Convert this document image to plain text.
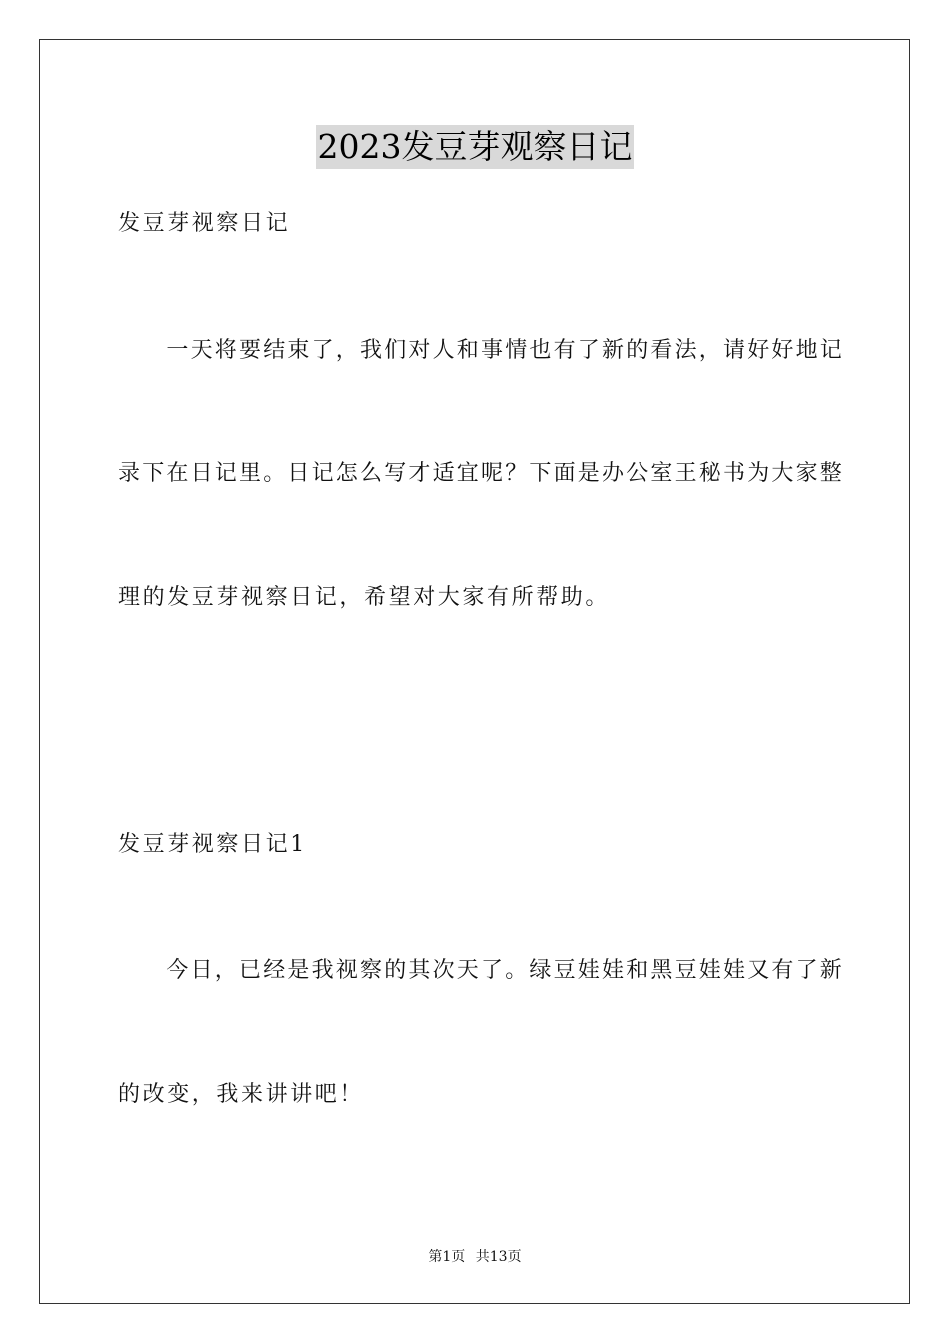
2023发豆芽观察日记
发豆芽视察日记
　　一天将要结束了，我们对人和事情也有了新的看法，请好好地记
录下在日记里。日记怎么写才适宜呢？下面是办公室王秘书为大家整
理的发豆芽视察日记，希望对大家有所帮助。
发豆芽视察日记1
　　今日，已经是我视察的其次天了。绿豆娃娃和黑豆娃娃又有了新
的改变，我来讲讲吧！
第1页 共13页
